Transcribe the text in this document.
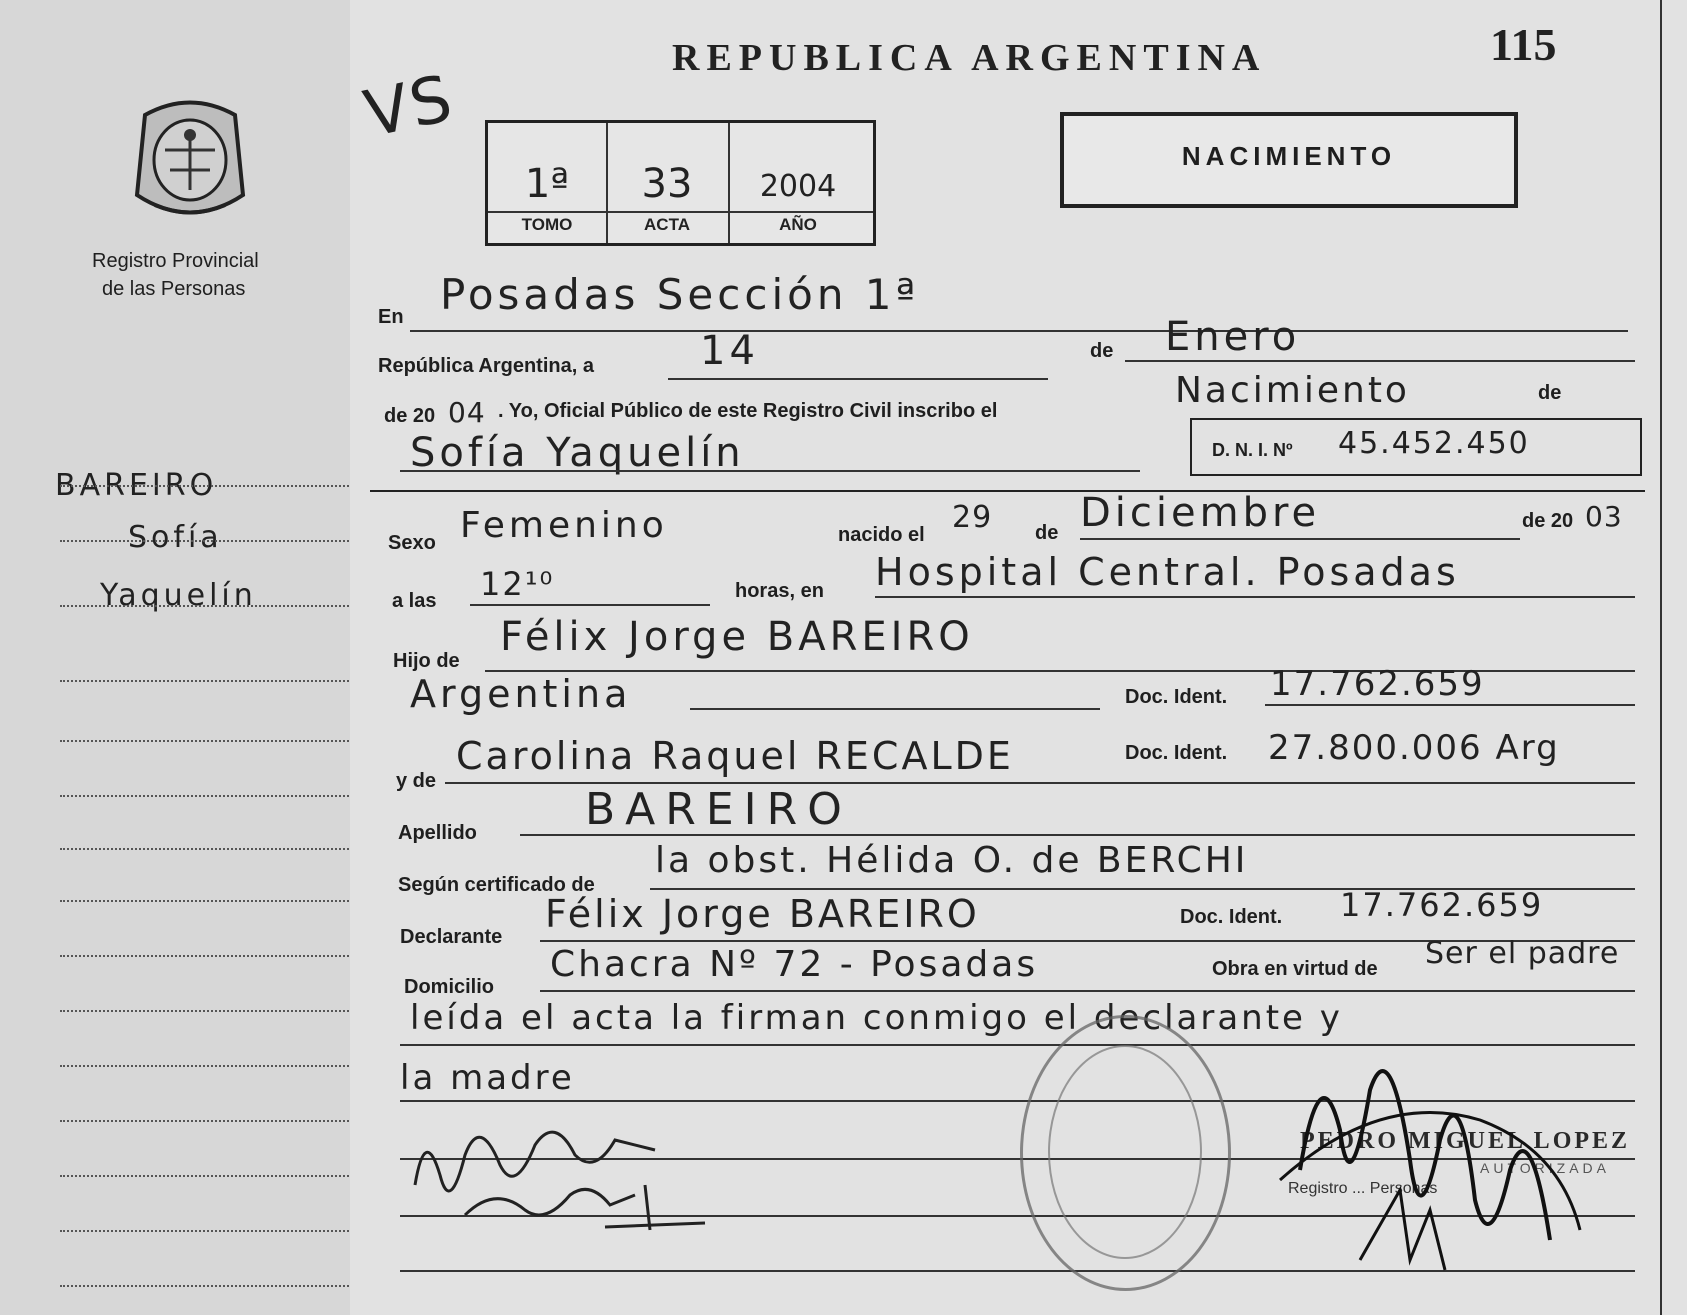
Registro Provincial
de las Personas
BAREIRO
Sofía
Yaquelín
VS
REPUBLICA ARGENTINA	115
1ª	33	2004
TOMO	ACTA	AÑO
NACIMIENTO
En Posadas Sección 1ª
República Argentina, a	14	de Enero
de 20 04 . Yo, Oficial Público de este Registro Civil inscribo el	Nacimiento	de
Sofía Yaquelín	D. N. I. Nº 45.452.450
Sexo Femenino	nacido el 29 de Diciembre	de 20 03
a las 12¹⁰	horas, en Hospital Central. Posadas
Hijo de
Félix Jorge BAREIRO
Argentina	Doc. Ident. 17.762.659
y de
Carolina Raquel RECALDE	Doc. Ident. 27.800.006 Arg
Apellido BAREIRO
Según certificado de
la obst. Hélida O. de BERCHI
Declarante
Félix Jorge BAREIRO	Doc. Ident. 17.762.659
Domicilio
Chacra Nº 72 - Posadas	Obra en virtud de Ser el padre
leída el acta la firman conmigo el declarante y
la madre
PEDRO MIGUEL LOPEZ
Registro ... Personas
AUTORIZADA
